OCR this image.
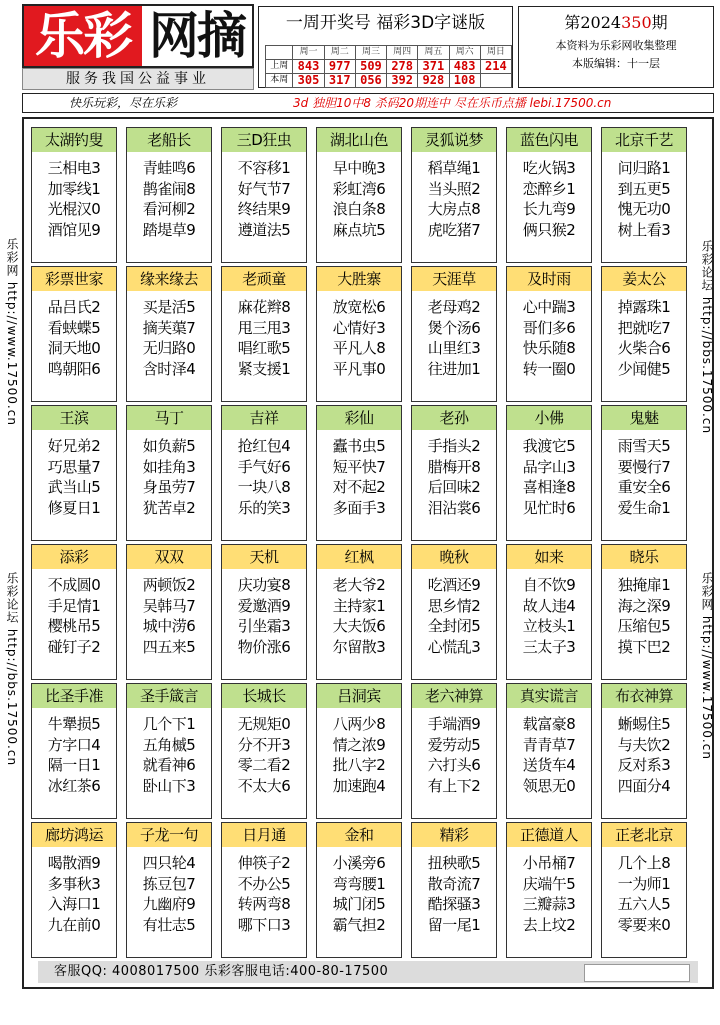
乐彩 网摘
服务我国公益事业
一周开奖号 福彩3D字谜版
	周一	周二	周三	周四	周五	周六	周日
上周	843	977	509	278	371	483	214
本周	305	317	056	392	928	108	
第2024350期
本资料为乐彩网收集整理
本版编辑：十一层
快乐玩彩，尽在乐彩	3d 独胆10中8 杀码20期连中 尽在乐币点播 lebi.17500.cn
乐彩网 http://www.17500.cn
乐彩论坛 http://bbs.17500.cn
乐彩论坛 http://bbs.17500.cn
乐彩网 http://www.17500.cn
太湖钓叟
三相电3
加零线1
光棍汉0
酒馆见9
老船长
青蛙鸣6
鹊雀闹8
看河柳2
踏堤草9
三D狂虫
不容移1
好气节7
终结果9
遵道法5
湖北山色
早中晚3
彩虹湾6
浪白条8
麻点坑5
灵狐说梦
稻草绳1
当头照2
大房点8
虎吃猪7
蓝色闪电
吃火锅3
恋醉乡1
长九弯9
俩只猴2
北京千艺
问归路1
到五更5
愧无功0
树上看3
彩票世家
品吕氏2
看蛱蝶5
洞天地0
鸣朝阳6
缘来缘去
买是活5
摘芙蕖7
无归路0
含时泽4
老顽童
麻花辫8
甩三甩3
唱红歌5
紧支援1
大胜寨
放宽松6
心情好3
平凡人8
平凡事0
天涯草
老母鸡2
煲个汤6
山里红3
往进加1
及时雨
心中踹3
哥们多6
快乐随8
转一圈0
姜太公
掉露珠1
把就吃7
火柴合6
少闻健5
王滨
好兄弟2
巧思量7
武当山5
修夏日1
马丁
如负薪5
如挂角3
身虽劳7
犹苦卓2
吉祥
抢红包4
手气好6
一块八8
乐的笑3
彩仙
蠹书虫5
短平快7
对不起2
多面手3
老孙
手指头2
腊梅开8
后回味2
泪沾裳6
小佛
我渡它5
品字山3
喜相逢8
见忙时6
鬼魅
雨雪天5
要慢行7
重安全6
爱生命1
添彩
不成圆0
手足情1
樱桃吊5
碰钉子2
双双
两顿饭2
吴韩马7
城中涝6
四五来5
天机
庆功宴8
爱邀酒9
引坐霜3
物价涨6
红枫
老大爷2
主持家1
大夫饭6
尔留散3
晚秋
吃酒还9
思乡情2
全封闭5
心慌乱3
如来
自不饮9
故人违4
立枝头1
三太子3
晓乐
独掩扉1
海之深9
压缩包5
摸下巴2
比圣手准
牛犟损5
方字口4
隔一日1
冰红茶6
圣手箴言
几个下1
五角槭5
就看神6
卧山下3
长城长
无规矩0
分不开3
零二看2
不太大6
吕洞宾
八两少8
情之浓9
批八字2
加速跑4
老六神算
手端酒9
爱劳动5
六打头6
有上下2
真实谎言
载富豪8
青青草7
送货车4
领思无0
布衣神算
蜥蜴住5
与夫饮2
反对系3
四面分4
廊坊鸿运
喝散酒9
多事秋3
入海口1
九在前0
子龙一句
四只轮4
拣豆包7
九幽府9
有壮志5
日月通
伸筷子2
不办公5
转两弯8
哪下口3
金和
小溪旁6
弯弯腰1
城门闭5
霸气担2
精彩
扭秧歌5
散奇流7
酷探骚3
留一尾1
正德道人
小吊桶7
庆端午5
三瓣蒜3
去上坟2
正老北京
几个上8
一为师1
五六人5
零要来0
客服QQ: 4008017500 乐彩客服电话:400-80-17500
